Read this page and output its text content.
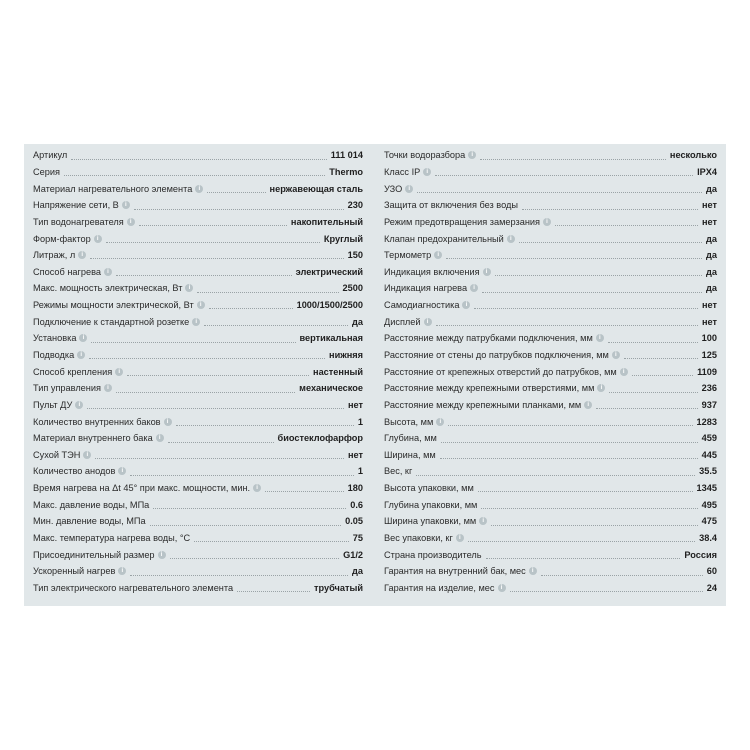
Артикул	111 014
Серия	Thermo
Материал нагревательного элемента	i	нержавеющая сталь
Напряжение сети, В	i	230
Тип водонагревателя	i	накопительный
Форм-фактор	i	Круглый
Литраж, л	i	150
Способ нагрева	i	электрический
Макс. мощность электрическая, Вт	i	2500
Режимы мощности электрической, Вт	i	1000/1500/2500
Подключение к стандартной розетке	i	да
Установка	i	вертикальная
Подводка	i	нижняя
Способ крепления	i	настенный
Тип управления	i	механическое
Пульт ДУ	i	нет
Количество внутренних баков	i	1
Материал внутреннего бака	i	биостеклофарфор
Сухой ТЭН	i	нет
Количество анодов	i	1
Время нагрева на Δt 45° при макс. мощности, мин.	i	180
Макс. давление воды, МПа	0.6
Мин. давление воды, МПа	0.05
Макс. температура нагрева воды, °C	75
Присоединительный размер	i	G1/2
Ускоренный нагрев	i	да
Тип электрического нагревательного элемента	трубчатый
Точки водоразбора	i	несколько
Класс IP	i	IPX4
УЗО	i	да
Защита от включения без воды	нет
Режим предотвращения замерзания	i	нет
Клапан предохранительный	i	да
Термометр	i	да
Индикация включения	i	да
Индикация нагрева	i	да
Самодиагностика	i	нет
Дисплей	i	нет
Расстояние между патрубками подключения, мм	i	100
Расстояние от стены до патрубков подключения, мм	i	125
Расстояние от крепежных отверстий до патрубков, мм	i	1109
Расстояние между крепежными отверстиями, мм	i	236
Расстояние между крепежными планками, мм	i	937
Высота, мм	i	1283
Глубина, мм	459
Ширина, мм	445
Вес, кг	35.5
Высота упаковки, мм	1345
Глубина упаковки, мм	495
Ширина упаковки, мм	i	475
Вес упаковки, кг	i	38.4
Страна производитель	Россия
Гарантия на внутренний бак, мес	i	60
Гарантия на изделие, мес	i	24
